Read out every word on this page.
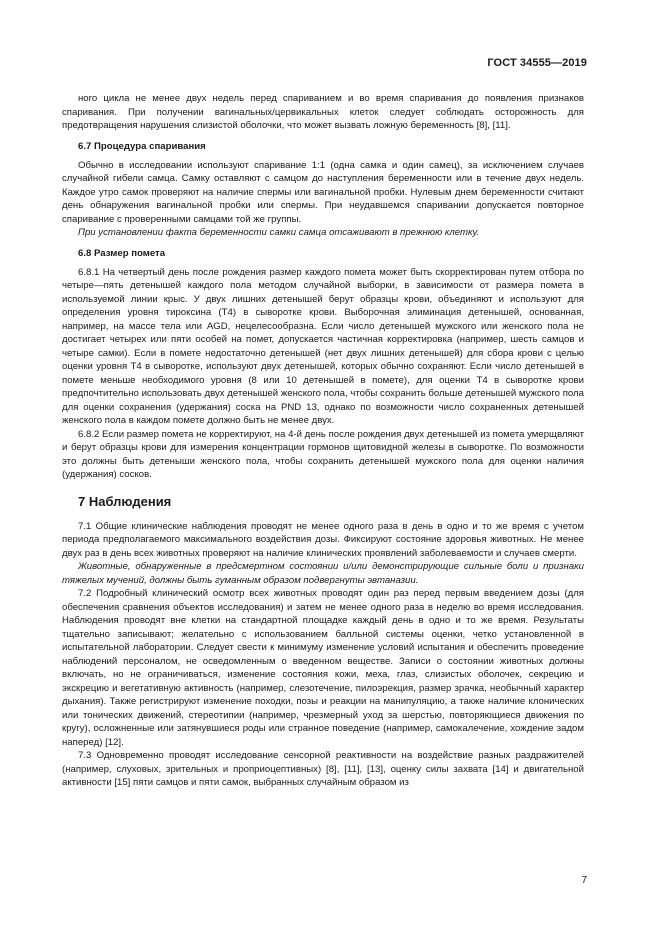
ГОСТ 34555—2019

ного цикла не менее двух недель перед спариванием и во время спаривания до появления признаков спаривания. При получении вагинальных/цервикальных клеток следует соблюдать осторожность для предотвращения нарушения слизистой оболочки, что может вызвать ложную беременность [8], [11].

6.7 Процедура спаривания

Обычно в исследовании используют спаривание 1:1 (одна самка и один самец), за исключением случаев случайной гибели самца. Самку оставляют с самцом до наступления беременности или в течение двух недель. Каждое утро самок проверяют на наличие спермы или вагинальной пробки. Нулевым днем беременности считают день обнаружения вагинальной пробки или спермы. При неудавшемся спаривании допускается повторное спаривание с проверенными самцами той же группы.

При установлении факта беременности самки самца отсаживают в прежнюю клетку.

6.8 Размер помета

6.8.1 На четвертый день после рождения размер каждого помета может быть скорректирован путем отбора по четыре—пять детенышей каждого пола методом случайной выборки, в зависимости от размера помета в используемой линии крыс. У двух лишних детенышей берут образцы крови, объединяют и используют для определения уровня тироксина (T4) в сыворотке крови. Выборочная элиминация детенышей, основанная, например, на массе тела или AGD, нецелесообразна. Если число детенышей мужского или женского пола не достигает четырех или пяти особей на помет, допускается частичная корректировка (например, шесть самцов и четыре самки). Если в помете недостаточно детенышей (нет двух лишних детенышей) для сбора крови с целью оценки уровня T4 в сыворотке, используют двух детенышей, которых обычно сохраняют. Если число детенышей в помете меньше необходимого уровня (8 или 10 детенышей в помете), для оценки T4 в сыворотке крови предпочтительно использовать двух детенышей женского пола, чтобы сохранить больше детенышей мужского пола для оценки сохранения (удержания) соска на PND 13, однако по возможности число сохраненных детенышей женского пола в каждом помете должно быть не менее двух.

6.8.2 Если размер помета не корректируют, на 4-й день после рождения двух детенышей из помета умерщвляют и берут образцы крови для измерения концентрации гормонов щитовидной железы в сыворотке. По возможности это должны быть детеныши женского пола, чтобы сохранить детенышей мужского пола для оценки наличия (удержания) сосков.

7 Наблюдения

7.1 Общие клинические наблюдения проводят не менее одного раза в день в одно и то же время с учетом периода предполагаемого максимального воздействия дозы. Фиксируют состояние здоровья животных. Не менее двух раз в день всех животных проверяют на наличие клинических проявлений заболеваемости и случаев смерти.

Животные, обнаруженные в предсмертном состоянии и/или демонстрирующие сильные боли и признаки тяжелых мучений, должны быть гуманным образом подвергнуты эвтаназии.

7.2 Подробный клинический осмотр всех животных проводят один раз перед первым введением дозы (для обеспечения сравнения объектов исследования) и затем не менее одного раза в неделю во время исследования. Наблюдения проводят вне клетки на стандартной площадке каждый день в одно и то же время. Результаты тщательно записывают; желательно с использованием балльной системы оценки, четко установленной в испытательной лаборатории. Следует свести к минимуму изменение условий испытания и обеспечить проведение наблюдений персоналом, не осведомленным о введенном веществе. Записи о состоянии животных должны включать, но не ограничиваться, изменение состояния кожи, меха, глаз, слизистых оболочек, секрецию и экскрецию и вегетативную активность (например, слезотечение, пилоэрекция, размер зрачка, необычный характер дыхания). Также регистрируют изменение походки, позы и реакции на манипуляцию, а также наличие клонических или тонических движений, стереотипии (например, чрезмерный уход за шерстью, повторяющиеся движения по кругу), осложненные или затянувшиеся роды или странное поведение (например, самокалечение, хождение задом наперед) [12].

7.3 Одновременно проводят исследование сенсорной реактивности на воздействие разных раздражителей (например, слуховых, зрительных и проприоцептивных) [8], [11], [13], оценку силы захвата [14] и двигательной активности [15] пяти самцов и пяти самок, выбранных случайным образом из

7
